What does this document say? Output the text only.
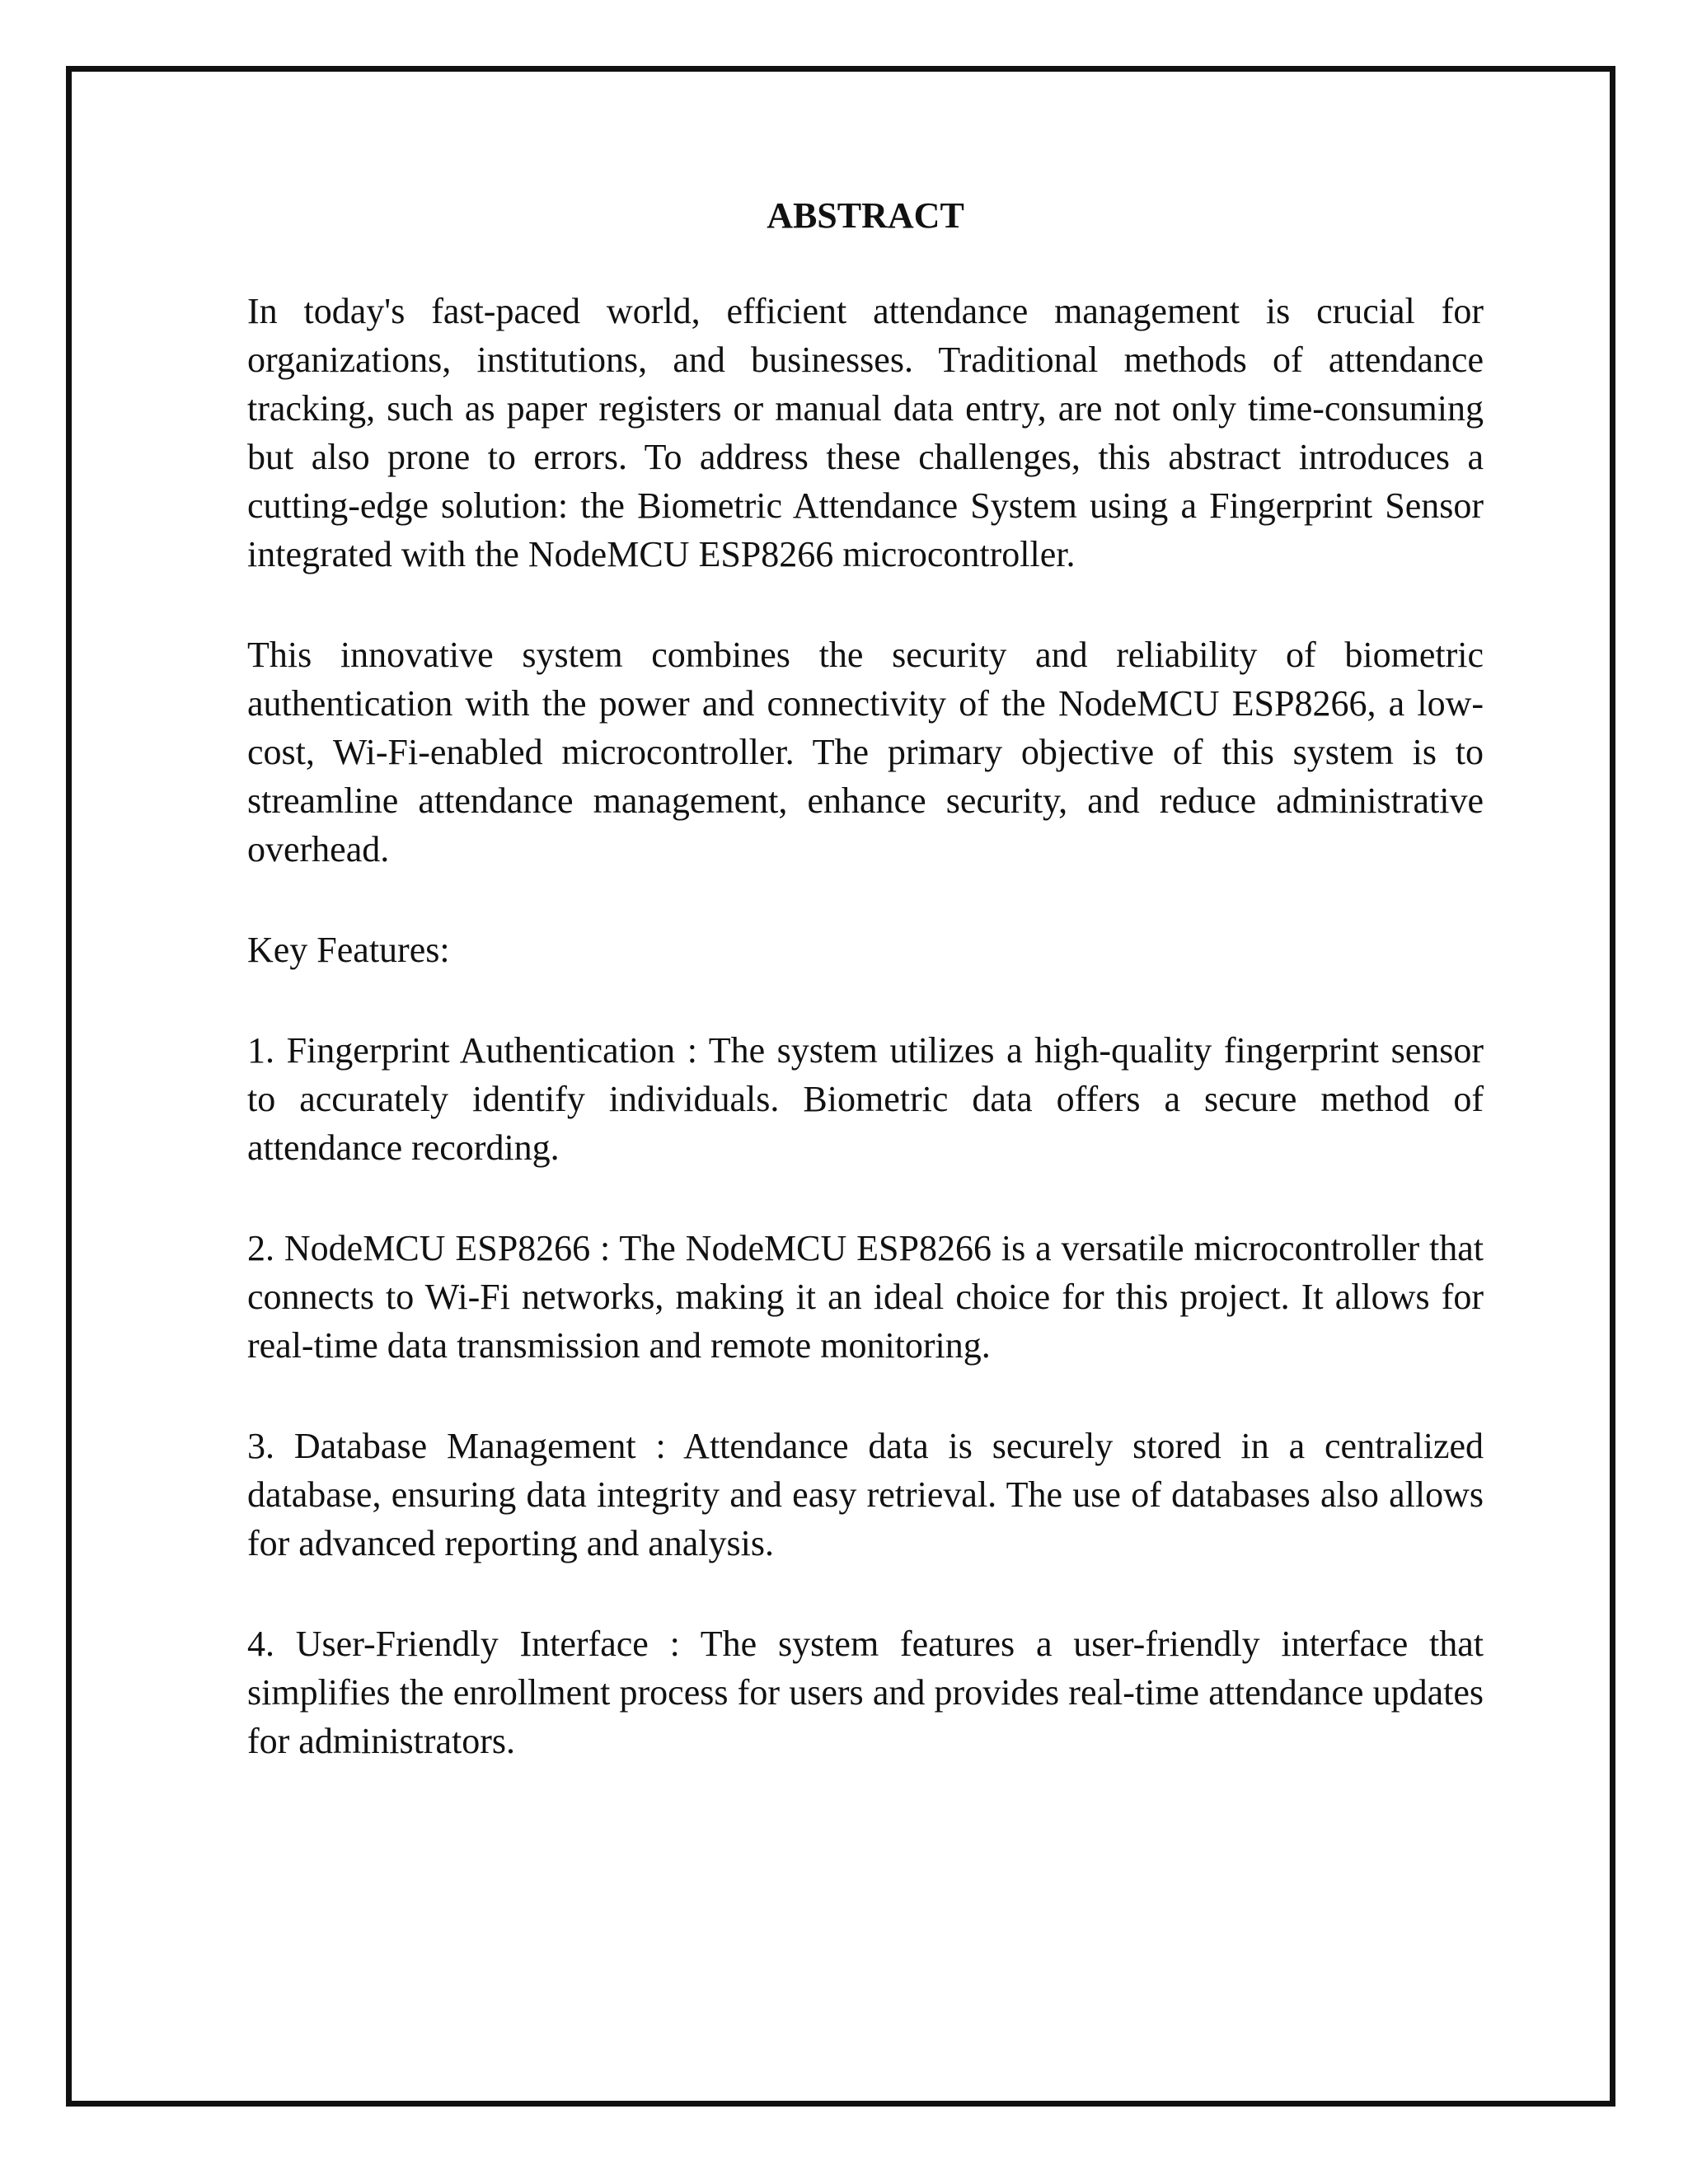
ABSTRACT

In today's fast-paced world, efficient attendance management is crucial for organizations, institutions, and businesses. Traditional methods of attendance tracking, such as paper registers or manual data entry, are not only time-consuming but also prone to errors. To address these challenges, this abstract introduces a cutting-edge solution: the Biometric Attendance System using a Fingerprint Sensor integrated with the NodeMCU ESP8266 microcontroller.

This innovative system combines the security and reliability of biometric authentication with the power and connectivity of the NodeMCU ESP8266, a low-cost, Wi-Fi-enabled microcontroller. The primary objective of this system is to streamline attendance management, enhance security, and reduce administrative overhead.

Key Features:

1. Fingerprint Authentication : The system utilizes a high-quality fingerprint sensor to accurately identify individuals. Biometric data offers a secure method of attendance recording.

2. NodeMCU ESP8266 : The NodeMCU ESP8266 is a versatile microcontroller that connects to Wi-Fi networks, making it an ideal choice for this project. It allows for real-time data transmission and remote monitoring.

3. Database Management : Attendance data is securely stored in a centralized database, ensuring data integrity and easy retrieval. The use of databases also allows for advanced reporting and analysis.

4. User-Friendly Interface : The system features a user-friendly interface that simplifies the enrollment process for users and provides real-time attendance updates for administrators.
